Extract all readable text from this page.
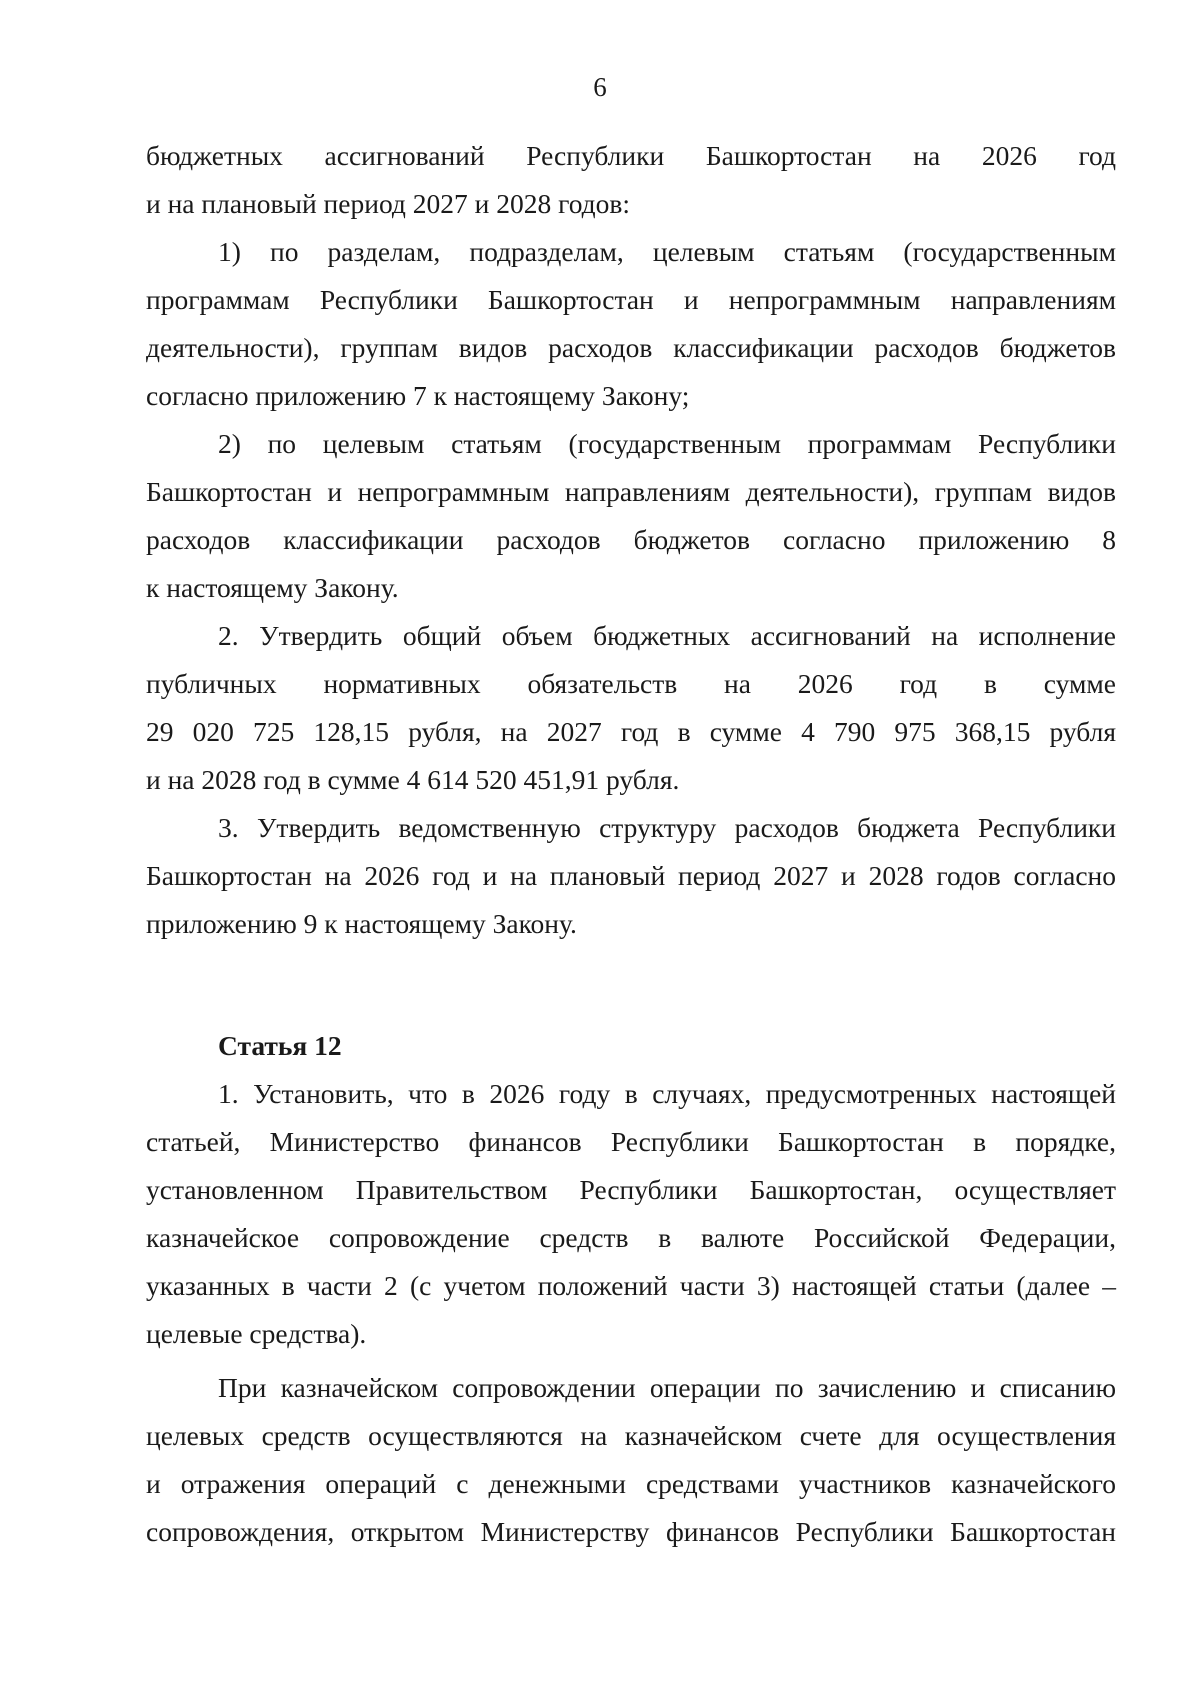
6
бюджетных ассигнований Республики Башкортостан на 2026 год
и на плановый период 2027 и 2028 годов:
1) по разделам, подразделам, целевым статьям (государственным
программам Республики Башкортостан и непрограммным направлениям
деятельности), группам видов расходов классификации расходов бюджетов
согласно приложению 7 к настоящему Закону;
2) по целевым статьям (государственным программам Республики
Башкортостан и непрограммным направлениям деятельности), группам видов
расходов классификации расходов бюджетов согласно приложению 8
к настоящему Закону.
2. Утвердить общий объем бюджетных ассигнований на исполнение
публичных нормативных обязательств на 2026 год в сумме
29 020 725 128,15 рубля, на 2027 год в сумме 4 790 975 368,15 рубля
и на 2028 год в сумме 4 614 520 451,91 рубля.
3. Утвердить ведомственную структуру расходов бюджета Республики
Башкортостан на 2026 год и на плановый период 2027 и 2028 годов согласно
приложению 9 к настоящему Закону.
Статья 12
1. Установить, что в 2026 году в случаях, предусмотренных настоящей
статьей, Министерство финансов Республики Башкортостан в порядке,
установленном Правительством Республики Башкортостан, осуществляет
казначейское сопровождение средств в валюте Российской Федерации,
указанных в части 2 (с учетом положений части 3) настоящей статьи (далее –
целевые средства).
При казначейском сопровождении операции по зачислению и списанию
целевых средств осуществляются на казначейском счете для осуществления
и отражения операций с денежными средствами участников казначейского
сопровождения, открытом Министерству финансов Республики Башкортостан
